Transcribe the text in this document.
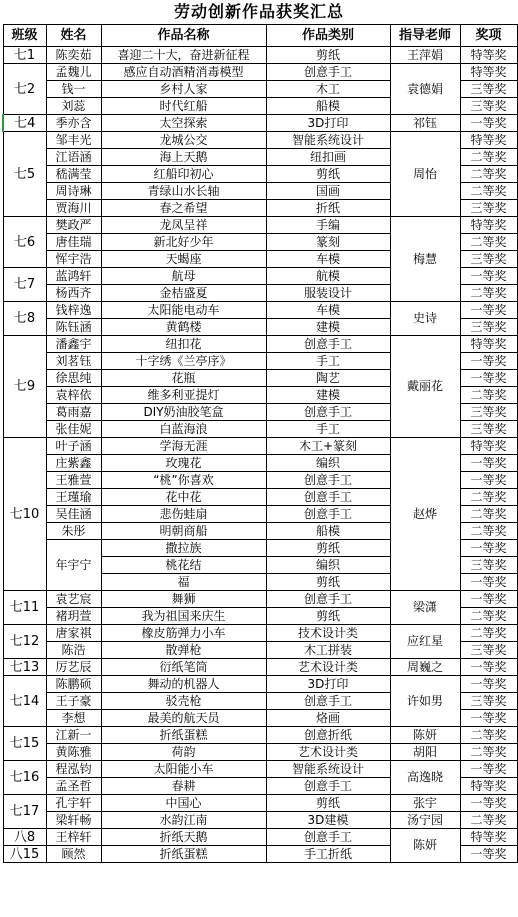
劳动创新作品获奖汇总
班级	姓名	作品名称	作品类别	指导老师	奖项
七1	陈奕茹	喜迎二十大，奋进新征程	剪纸	王萍娟	特等奖
七2	孟魏儿	感应自动酒精消毒模型	创意手工	袁德娟	特等奖
	钱一	乡村人家	木工		三等奖
	刘蕊	时代红船	船模		三等奖
七4	季亦含	太空探索	3D打印	祁钰	一等奖
七5	邹丰光	龙城公交	智能系统设计	周怡	特等奖
	江语涵	海上天鹅	纽扣画		二等奖
	嵇满莹	红船印初心	剪纸		二等奖
	周诗琳	青绿山水长轴	国画		二等奖
	贾海川	春之希望	折纸		三等奖
七6	樊政严	龙凤呈祥	手编	梅慧	特等奖
	唐佳瑞	新北好少年	篆刻		二等奖
	恽宇浩	天蝎座	车模		三等奖
七7	蓝鸿轩	航母	航模		一等奖
	杨西齐	金桔盛夏	服装设计		二等奖
七8	钱梓逸	太阳能电动车	车模	史诗	一等奖
	陈钰涵	黄鹤楼	建模		三等奖
七9	潘鑫宇	纽扣花	创意手工	戴丽花	特等奖
	刘茗钰	十字绣《兰亭序》	手工		一等奖
	徐思纯	花瓶	陶艺		一等奖
	袁梓依	维多利亚提灯	建模		二等奖
	葛雨嘉	DIY奶油胶笔盒	创意手工		三等奖
	张佳妮	白蓝海浪	手工		三等奖
七10	叶子涵	学海无涯	木工+篆刻	赵烨	特等奖
	庄紫鑫	玫瑰花	编织		一等奖
	王雅萱	“桃”你喜欢	创意手工		一等奖
	王瑾瑜	花中花	创意手工		二等奖
	吴佳涵	悲伤蛙扇	创意手工		二等奖
	朱彤	明朝商船	船模		二等奖
	年宇宁	撒拉族	剪纸		一等奖
		桃花结	编织		三等奖
		福	剪纸		一等奖
七11	袁艺宸	舞狮	创意手工	梁潇	一等奖
	褚玥萱	我为祖国来庆生	剪纸		二等奖
七12	唐家祺	橡皮筋弹力小车	技术设计类	应红星	二等奖
	陈浩	散弹枪	木工拼装		三等奖
七13	厉艺辰	衍纸笔筒	艺术设计类	周巍之	一等奖
七14	陈鹏硕	舞动的机器人	3D打印	许如男	一等奖
	王子豪	驳壳枪	创意手工		三等奖
	李想	最美的航天员	烙画		一等奖
七15	江新一	折纸蛋糕	创意折纸	陈妍	二等奖
	黄陈雅	荷韵	艺术设计类	胡阳	二等奖
七16	程泓钧	太阳能小车	智能系统设计	高逸晓	一等奖
	孟圣哲	春耕	创意手工		特等奖
七17	孔宇轩	中国心	剪纸	张宇	一等奖
	梁轩畅	水韵江南	3D建模	汤宁园	二等奖
八8	王梓轩	折纸天鹅	创意手工	陈妍	特等奖
八15	顾然	折纸蛋糕	手工折纸		一等奖
